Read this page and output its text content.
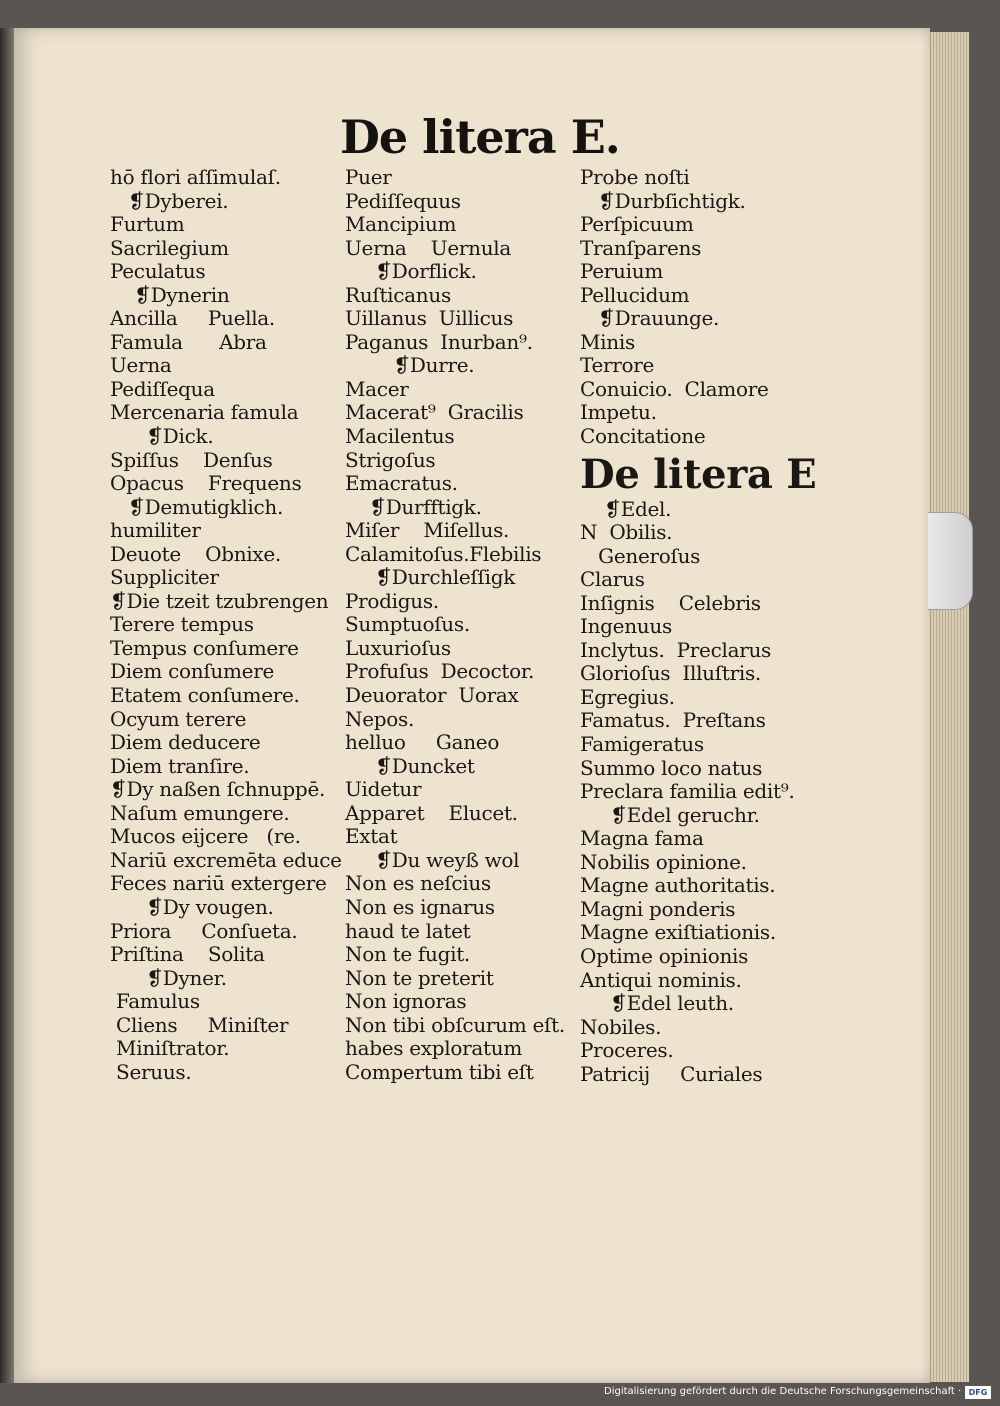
De litera E.
hō flori aſſimulaſ.
❡Dyberei.
Furtum
Sacrilegium
Peculatus
❡Dynerin
Ancilla     Puella.
Famula      Abra
Uerna
Pediſſequa
Mercenaria famula
❡Dick.
Spiſſus    Denſus
Opacus    Frequens
❡Demutigklich.
humiliter
Deuote    Obnixe.
Suppliciter
❡Die tzeit tzubrengen
Terere tempus
Tempus conſumere
Diem conſumere
Etatem conſumere.
Ocyum terere
Diem deducere
Diem tranſire.
❡Dy naßen ſchnuppē.
Naſum emungere.
Mucos eijcere   (re.
Nariū excremēta educe
Feces nariū extergere
❡Dy vougen.
Priora     Conſueta.
Priſtina    Solita
❡Dyner.
Famulus
Cliens     Miniſter
Miniſtrator.
Seruus.
Puer
Pediſſequus
Mancipium
Uerna    Uernula
❡Dorflick.
Ruſticanus
Uillanus  Uillicus
Paganus  Inurban⁹.
❡Durre.
Macer
Macerat⁹  Gracilis
Macilentus
Strigoſus
Emacratus.
❡Durfftigk.
Miſer    Miſellus.
Calamitoſus.Flebilis
❡Durchleſſigk
Prodigus.
Sumptuoſus.
Luxurioſus
Profuſus  Decoctor.
Deuorator  Uorax
Nepos.
helluo     Ganeo
❡Duncket
Uidetur
Apparet    Elucet.
Extat
❡Du weyß wol
Non es neſcius
Non es ignarus
haud te latet
Non te fugit.
Non te preterit
Non ignoras
Non tibi obſcurum eſt.
habes exploratum
Compertum tibi eſt
Probe noſti
❡Durbſichtigk.
Perſpicuum
Tranſparens
Peruium
Pellucidum
❡Drauunge.
Minis
Terrore
Conuicio.  Clamore
Impetu.
Concitatione
De litera E
❡Edel.
N  Obilis.
Generoſus
Clarus
Inſignis    Celebris
Ingenuus
Inclytus.  Preclarus
Glorioſus  Illuſtris.
Egregius.
Famatus.  Preſtans
Famigeratus
Summo loco natus
Preclara familia edit⁹.
❡Edel geruchr.
Magna fama
Nobilis opinione.
Magne authoritatis.
Magni ponderis
Magne exiſtiationis.
Optime opinionis
Antiqui nominis.
❡Edel leuth.
Nobiles.
Proceres.
Patricij     Curiales
Digitalisierung gefördert durch die Deutsche Forschungsgemeinschaft · DFG
